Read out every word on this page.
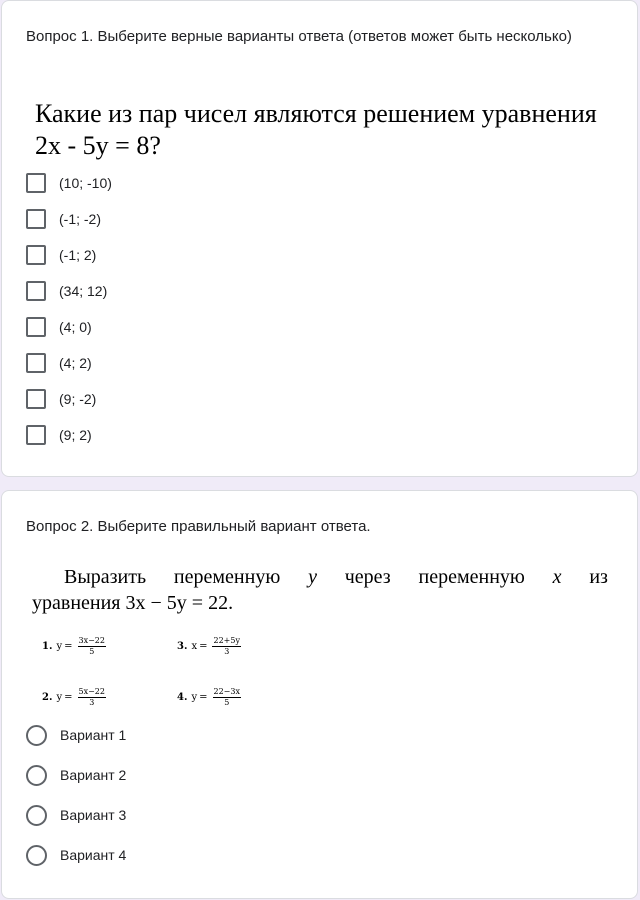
Вопрос 1. Выберите верные варианты ответа (ответов может быть несколько)
Какие из пар чисел являются решением уравнения
2x - 5y = 8?
(10; -10)
(-1; -2)
(-1; 2)
(34; 12)
(4; 0)
(4; 2)
(9; -2)
(9; 2)
Вопрос 2. Выберите правильный вариант ответа.
Выразить переменную y через переменную x из
уравнения 3x − 5y = 22.
1. $y = \frac{3x-22}{5}$	3. $x = \frac{22+5y}{3}$
2. $y = \frac{5x-22}{3}$	4. $y = \frac{22-3x}{5}$
Вариант 1
Вариант 2
Вариант 3
Вариант 4
